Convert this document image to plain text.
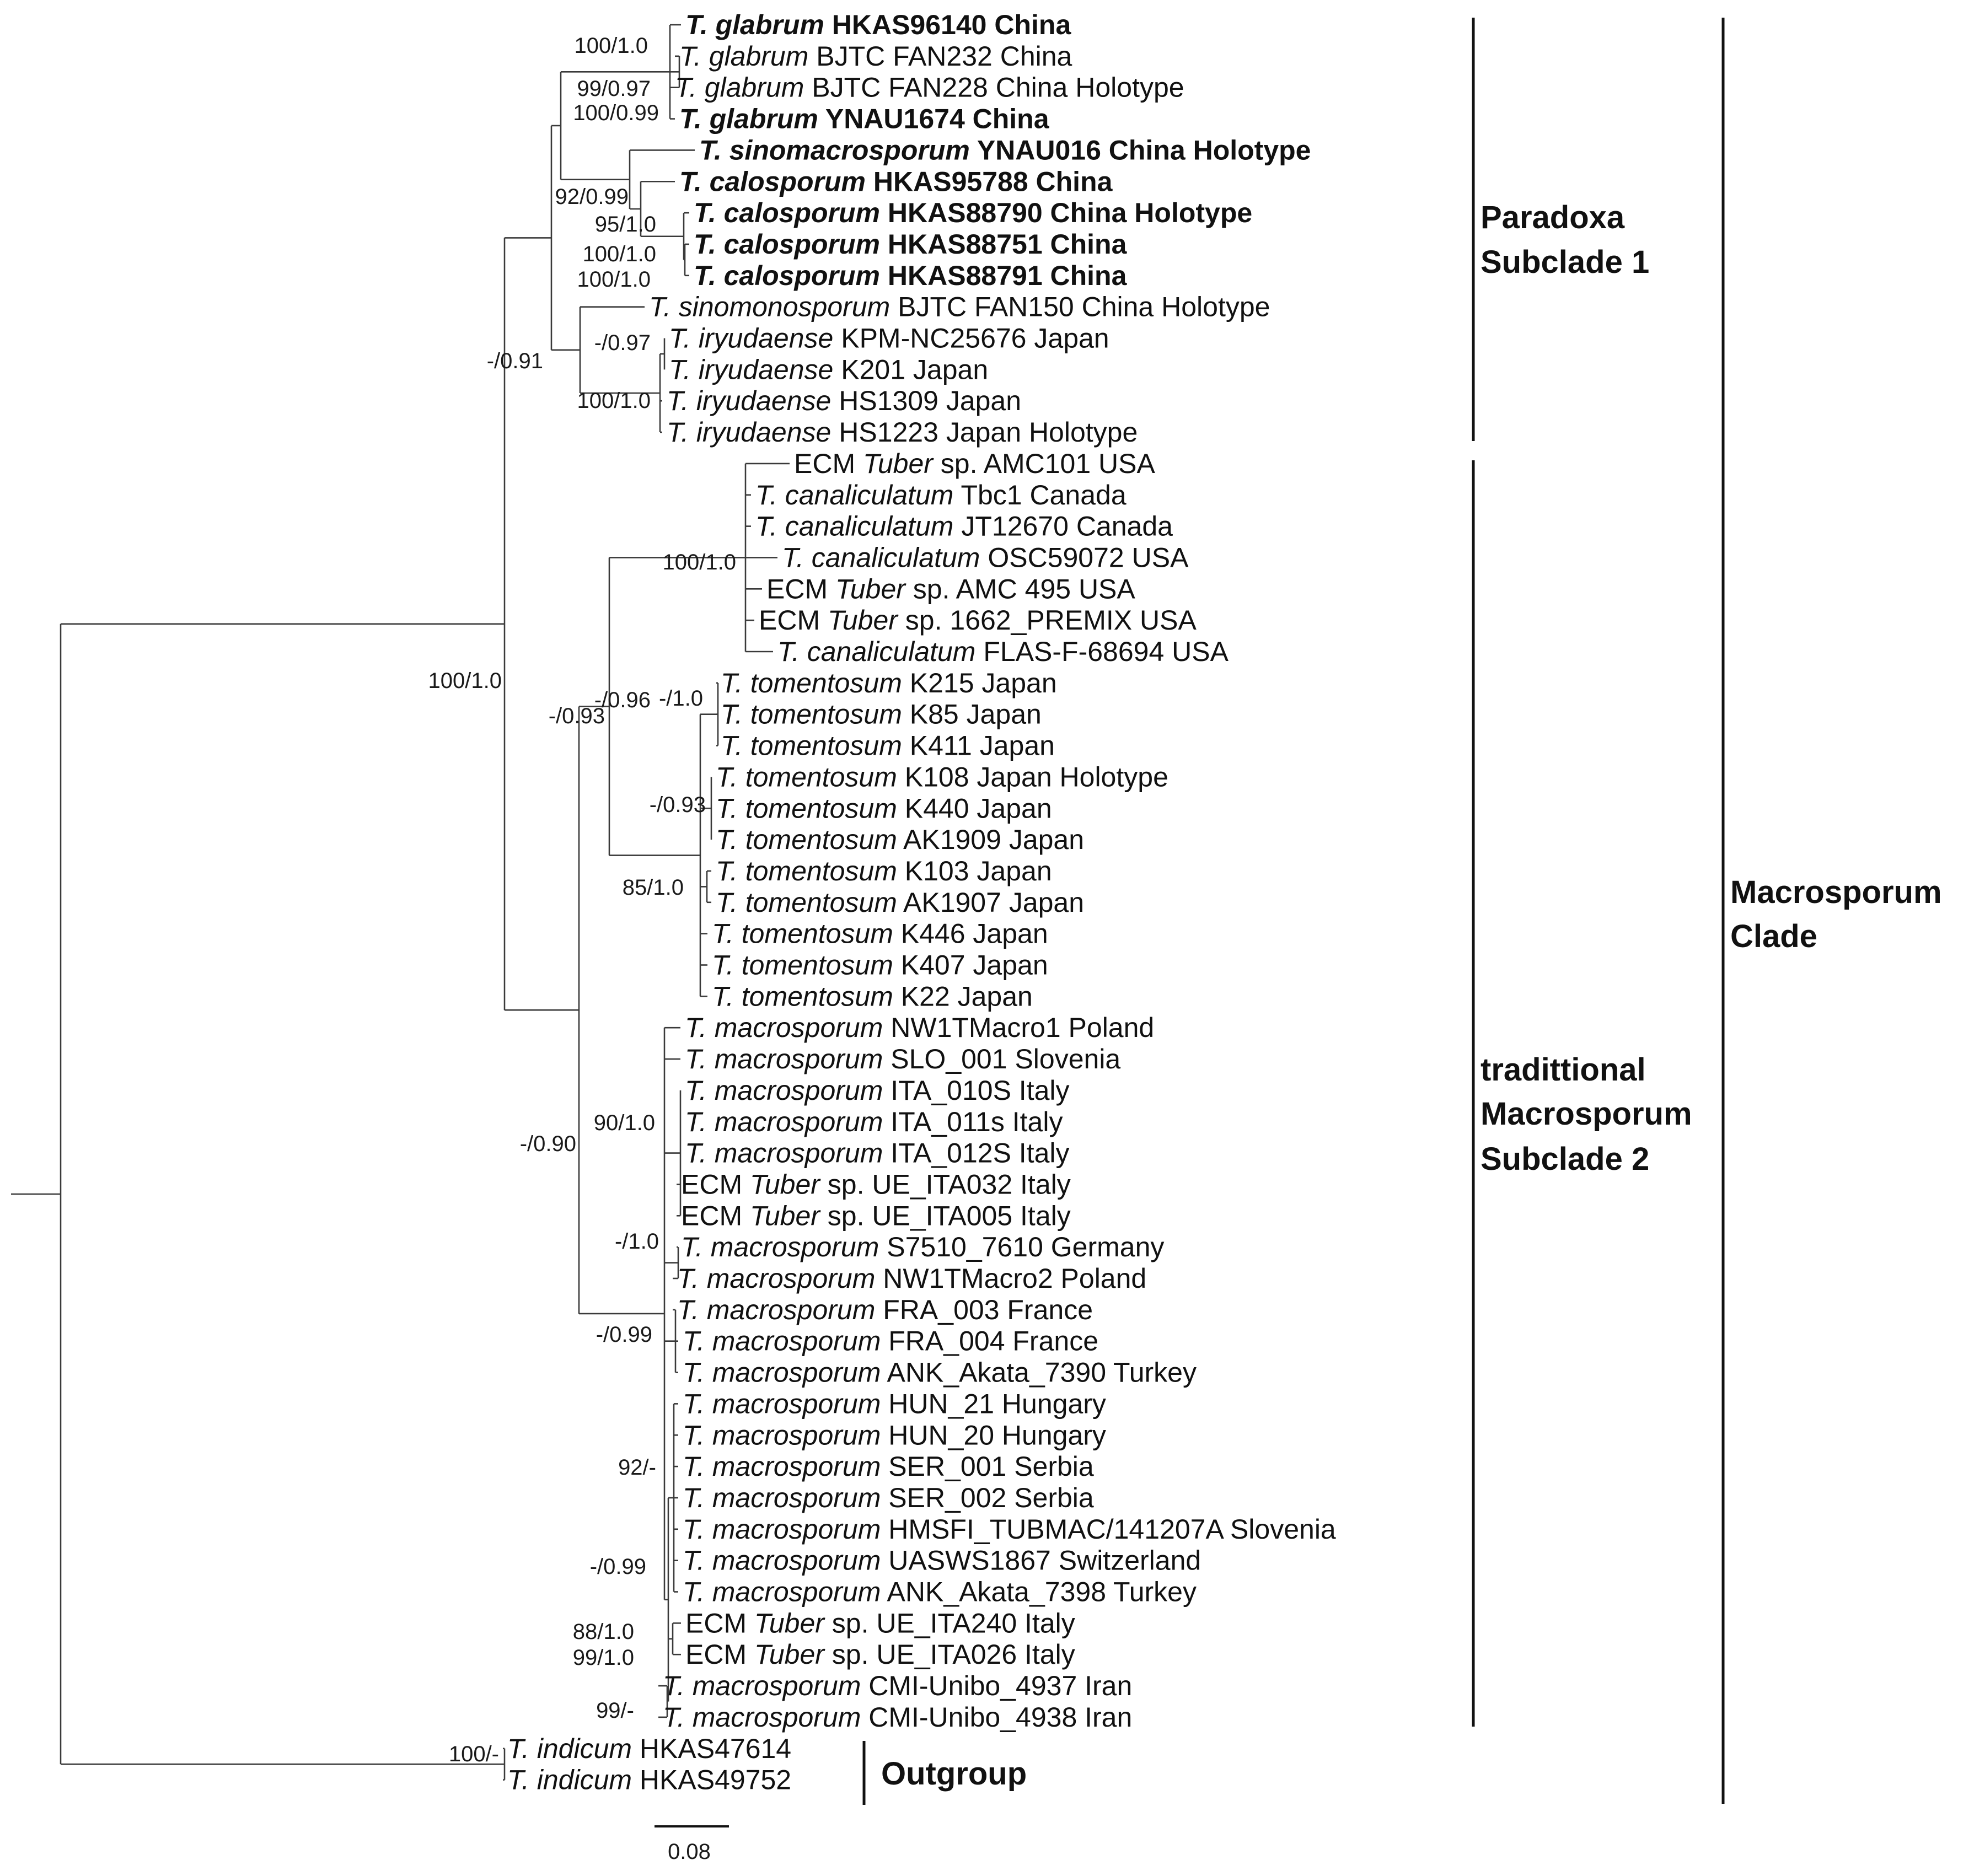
99/0.97
100/0.99
100/1.0
95/1.0
92/0.99
100/1.0
-/0.97
100/1.0
-/0.91
100/1.0
-/1.0
-/0.93
85/1.0
-/0.93
90/1.0
-/1.0
-/0.99
92/-
88/1.0
99/-
-/0.99
99/1.0
-/0.90
100/1.0
100/-
100/1.0
-/0.96
T. glabrum HKAS96140 China
T. glabrum BJTC FAN232 China
T. glabrum BJTC FAN228 China Holotype
T. glabrum YNAU1674 China
T. sinomacrosporum YNAU016 China Holotype
T. calosporum HKAS95788 China
T. calosporum HKAS88790 China Holotype
T. calosporum HKAS88751 China
T. calosporum HKAS88791 China
T. sinomonosporum BJTC FAN150 China Holotype
T. iryudaense KPM-NC25676 Japan
T. iryudaense K201 Japan
T. iryudaense HS1309 Japan
T. iryudaense HS1223 Japan Holotype
ECM Tuber sp. AMC101 USA
T. canaliculatum Tbc1 Canada
T. canaliculatum JT12670 Canada
T. canaliculatum OSC59072 USA
ECM Tuber sp. AMC 495 USA
ECM Tuber sp. 1662_PREMIX USA
T. canaliculatum FLAS-F-68694 USA
T. tomentosum K215 Japan
T. tomentosum K85 Japan
T. tomentosum K411 Japan
T. tomentosum K108 Japan Holotype
T. tomentosum K440 Japan
T. tomentosum AK1909 Japan
T. tomentosum K103 Japan
T. tomentosum AK1907 Japan
T. tomentosum K446 Japan
T. tomentosum K407 Japan
T. tomentosum K22 Japan
T. macrosporum NW1TMacro1 Poland
T. macrosporum SLO_001 Slovenia
T. macrosporum ITA_010S Italy
T. macrosporum ITA_011s Italy
T. macrosporum ITA_012S Italy
ECM Tuber sp. UE_ITA032 Italy
ECM Tuber sp. UE_ITA005 Italy
T. macrosporum S7510_7610 Germany
T. macrosporum NW1TMacro2 Poland
T. macrosporum FRA_003 France
T. macrosporum FRA_004 France
T. macrosporum ANK_Akata_7390 Turkey
T. macrosporum HUN_21 Hungary
T. macrosporum HUN_20 Hungary
T. macrosporum SER_001 Serbia
T. macrosporum SER_002 Serbia
T. macrosporum HMSFI_TUBMAC/141207A Slovenia
T. macrosporum UASWS1867 Switzerland
T. macrosporum ANK_Akata_7398 Turkey
ECM Tuber sp. UE_ITA240 Italy
ECM Tuber sp. UE_ITA026 Italy
T. macrosporum CMI-Unibo_4937 Iran
T. macrosporum CMI-Unibo_4938 Iran
T. indicum HKAS47614
T. indicum HKAS49752
Paradoxa
Subclade 1
tradittional
Macrosporum
Subclade 2
Macrosporum
Clade
Outgroup
0.08
